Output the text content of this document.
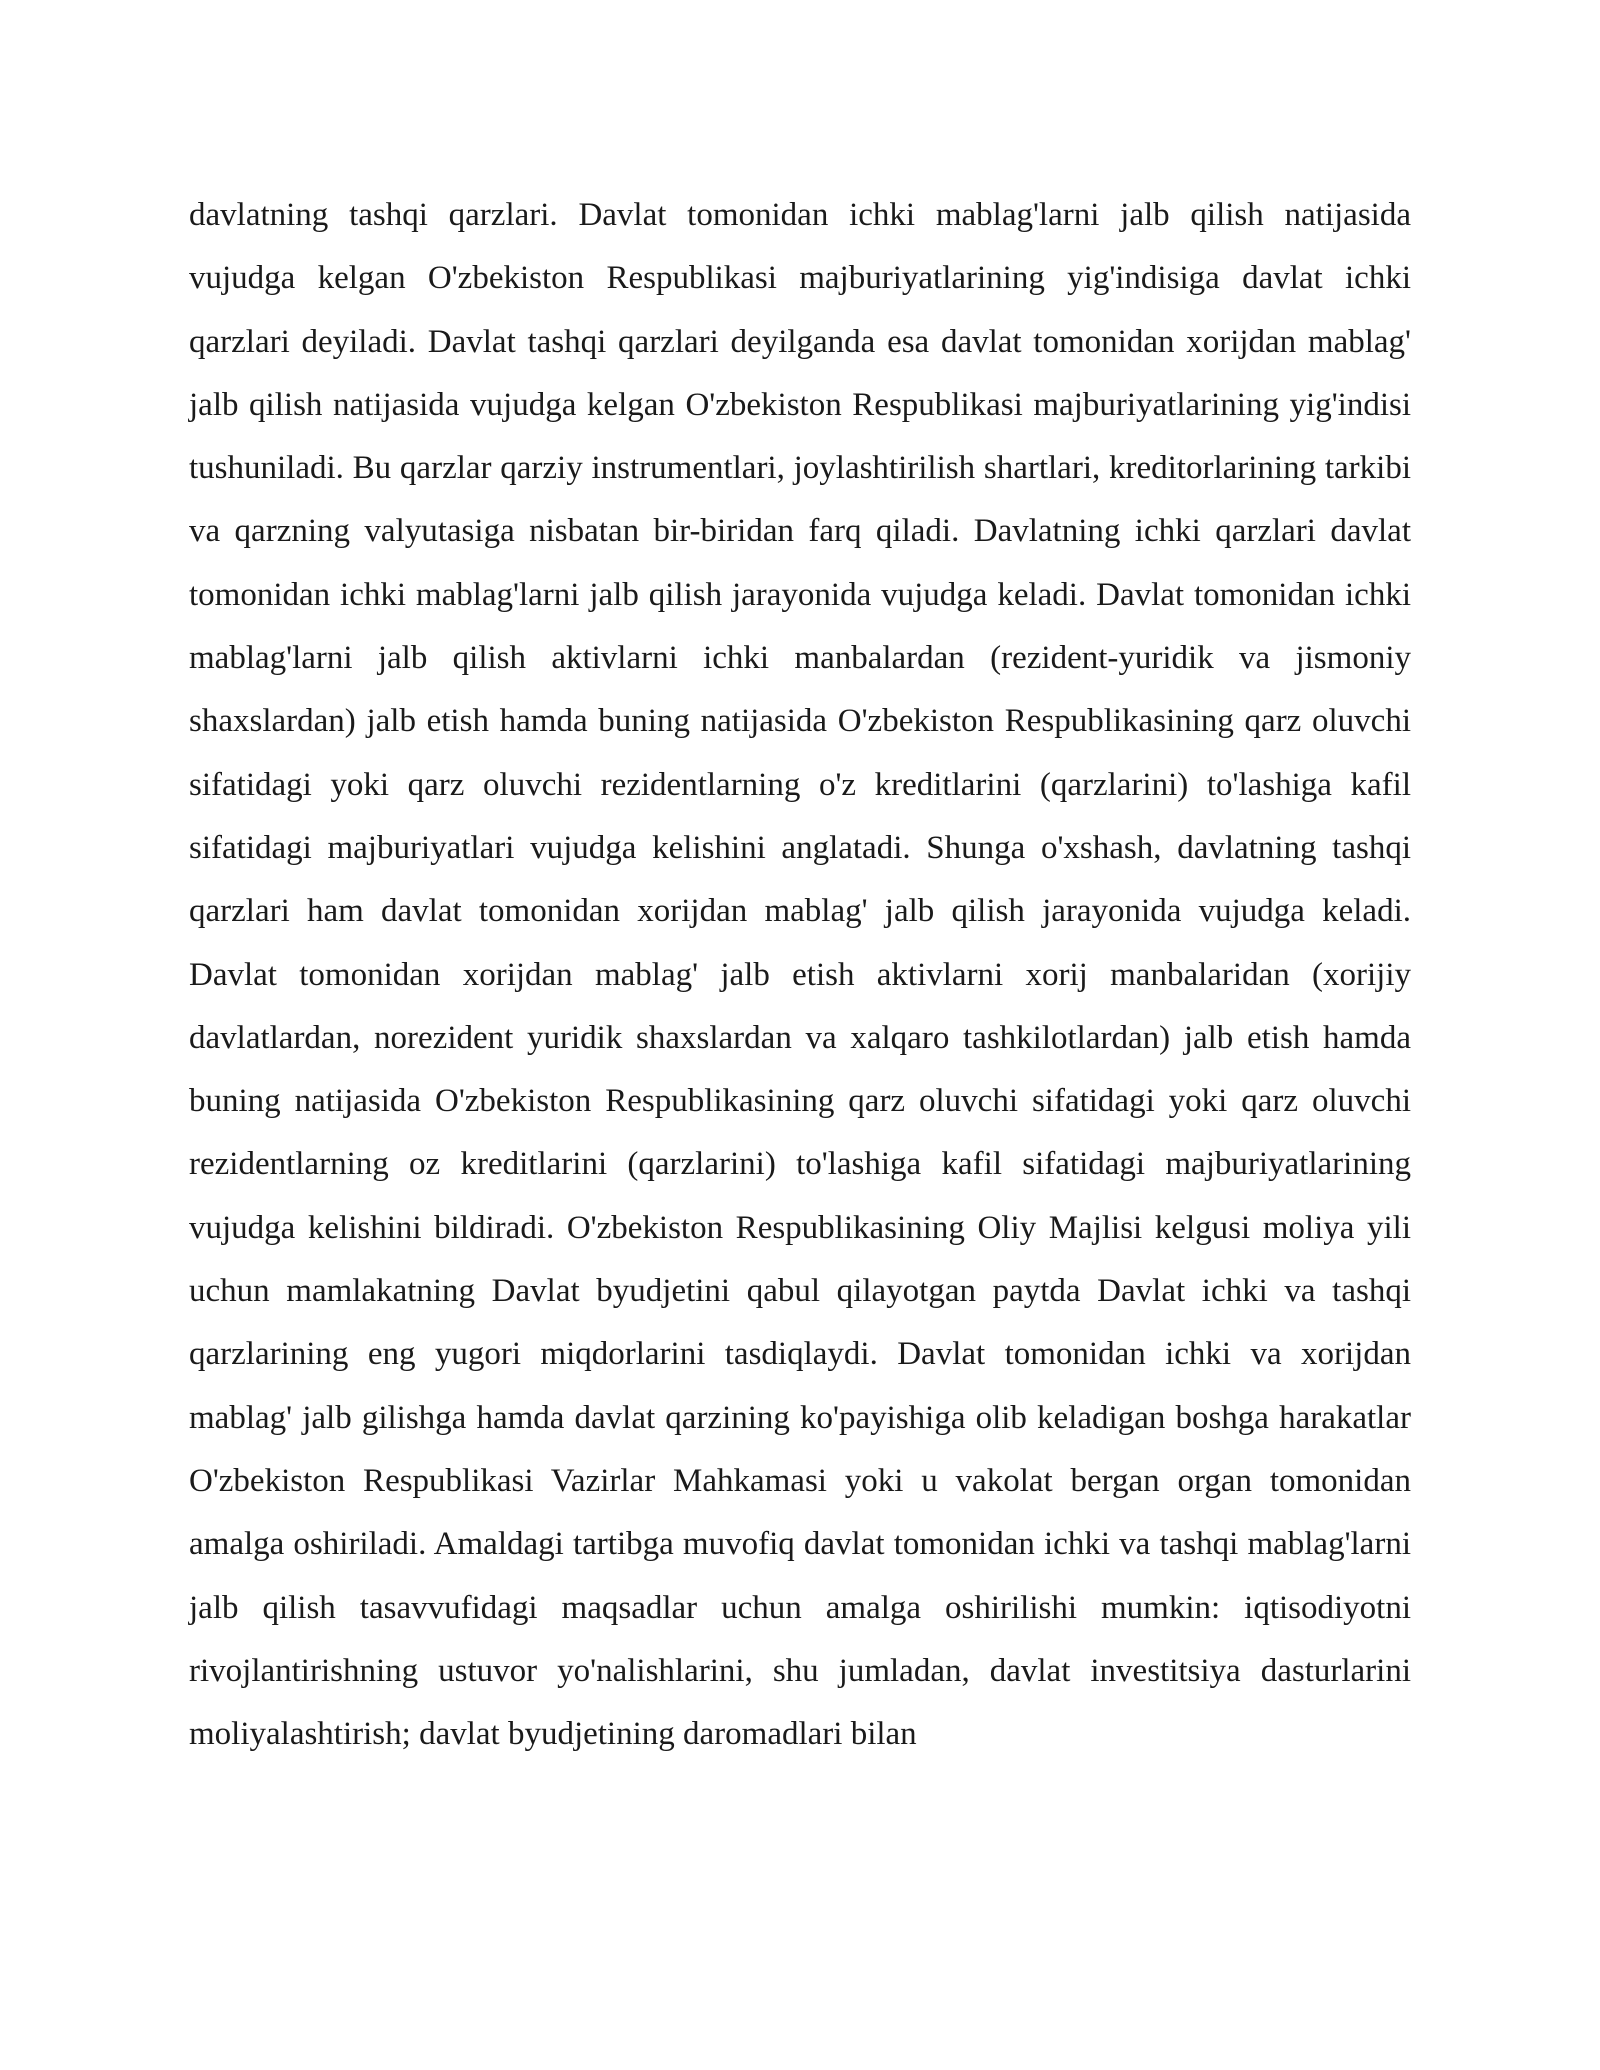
davlatning tashqi qarzlari. Davlat tomonidan ichki mablag'larni jalb qilish natijasida vujudga kelgan O'zbekiston Respublikasi majburiyatlarining yig'indisiga davlat ichki qarzlari deyiladi. Davlat tashqi qarzlari deyilganda esa davlat tomonidan xorijdan mablag' jalb qilish natijasida vujudga kelgan O'zbekiston Respublikasi majburiyatlarining yig'indisi tushuniladi. Bu qarzlar qarziy instrumentlari, joylashtirilish shartlari, kreditorlarining tarkibi va qarzning valyutasiga nisbatan bir-biridan farq qiladi. Davlatning ichki qarzlari davlat tomonidan ichki mablag'larni jalb qilish jarayonida vujudga keladi. Davlat tomonidan ichki mablag'larni jalb qilish aktivlarni ichki manbalardan (rezident-yuridik va jismoniy shaxslardan) jalb etish hamda buning natijasida O'zbekiston Respublikasining qarz oluvchi sifatidagi yoki qarz oluvchi rezidentlarning o'z kreditlarini (qarzlarini) to'lashiga kafil sifatidagi majburiyatlari vujudga kelishini anglatadi. Shunga o'xshash, davlatning tashqi qarzlari ham davlat tomonidan xorijdan mablag' jalb qilish jarayonida vujudga keladi. Davlat tomonidan xorijdan mablag' jalb etish aktivlarni xorij manbalaridan (xorijiy davlatlardan, norezident yuridik shaxslardan va xalqaro tashkilotlardan) jalb etish hamda buning natijasida O'zbekiston Respublikasining qarz oluvchi sifatidagi yoki qarz oluvchi rezidentlarning oz kreditlarini (qarzlarini) to'lashiga kafil sifatidagi majburiyatlarining vujudga kelishini bildiradi. O'zbekiston Respublikasining Oliy Majlisi kelgusi moliya yili uchun mamlakatning Davlat byudjetini qabul qilayotgan paytda Davlat ichki va tashqi qarzlarining eng yugori miqdorlarini tasdiqlaydi. Davlat tomonidan ichki va xorijdan mablag' jalb gilishga hamda davlat qarzining ko'payishiga olib keladigan boshga harakatlar O'zbekiston Respublikasi Vazirlar Mahkamasi yoki u vakolat bergan organ tomonidan amalga oshiriladi. Amaldagi tartibga muvofiq davlat tomonidan ichki va tashqi mablag'larni jalb qilish tasavvufidagi maqsadlar uchun amalga oshirilishi mumkin: iqtisodiyotni rivojlantirishning ustuvor yo'nalishlarini, shu jumladan, davlat investitsiya dasturlarini moliyalashtirish; davlat byudjetining daromadlari bilan
